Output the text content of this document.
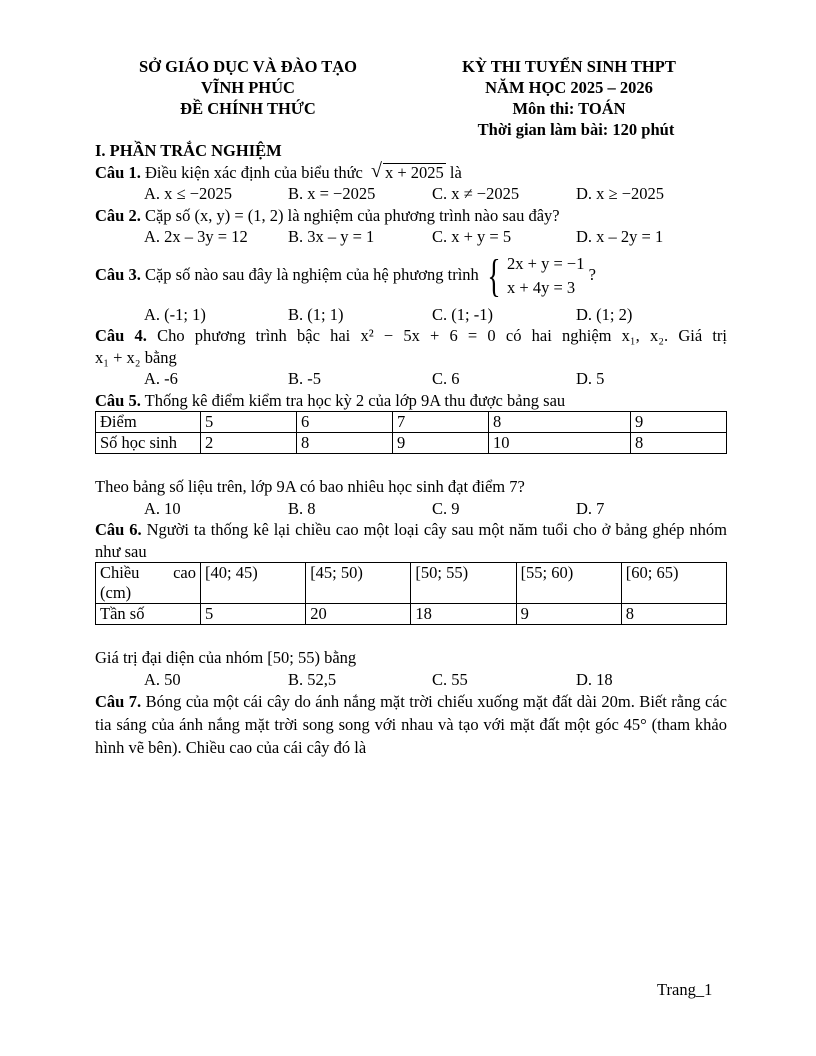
SỞ GIÁO DỤC VÀ ĐÀO TẠO
VĨNH PHÚC
ĐỀ CHÍNH THỨC
KỲ THI TUYỂN SINH THPT
NĂM HỌC 2025 – 2026
Môn thi: TOÁN
Thời gian làm bài: 120 phút
I. PHẦN TRẮC NGHIỆM
Câu 1. Điều kiện xác định của biểu thức √ x + 2025 là
A. x ≤ −2025	B. x = −2025	C. x ≠ −2025	D. x ≥ −2025
Câu 2. Cặp số (x, y) = (1, 2) là nghiệm của phương trình nào sau đây?
A. 2x – 3y = 12	B. 3x – y = 1	C. x + y = 5	D. x – 2y = 1
Câu 3. Cặp số nào sau đây là nghiệm của hệ phương trình { 2x + y = −1
x + 4y = 3
?
A. (-1; 1)	B. (1; 1)	C. (1; -1)	D. (1; 2)
Câu 4. Cho phương trình bậc hai x² − 5x + 6 = 0 có hai nghiệm x₁, x₂. Giá trị
x₁ + x₂ bằng
A. -6	B. -5	C. 6	D. 5
Câu 5. Thống kê điểm kiểm tra học kỳ 2 của lớp 9A thu được bảng sau
Điểm	5	6	7	8	9
Số học sinh	2	8	9	10	8
Theo bảng số liệu trên, lớp 9A có bao nhiêu học sinh đạt điểm 7?
A. 10	B. 8	C. 9	D. 7
Câu 6. Người ta thống kê lại chiều cao một loại cây sau một năm tuổi cho ở bảng ghép nhóm như sau
Chiều cao (cm)	[40; 45)	[45; 50)	[50; 55)	[55; 60)	[60; 65)
Tần số	5	20	18	9	8
Giá trị đại diện của nhóm [50; 55) bằng
A. 50	B. 52,5	C. 55	D. 18
Câu 7. Bóng của một cái cây do ánh nắng mặt trời chiếu xuống mặt đất dài 20m. Biết rằng các tia sáng của ánh nắng mặt trời song song với nhau và tạo với mặt đất một góc 45° (tham khảo hình vẽ bên). Chiều cao của cái cây đó là
Trang_1
